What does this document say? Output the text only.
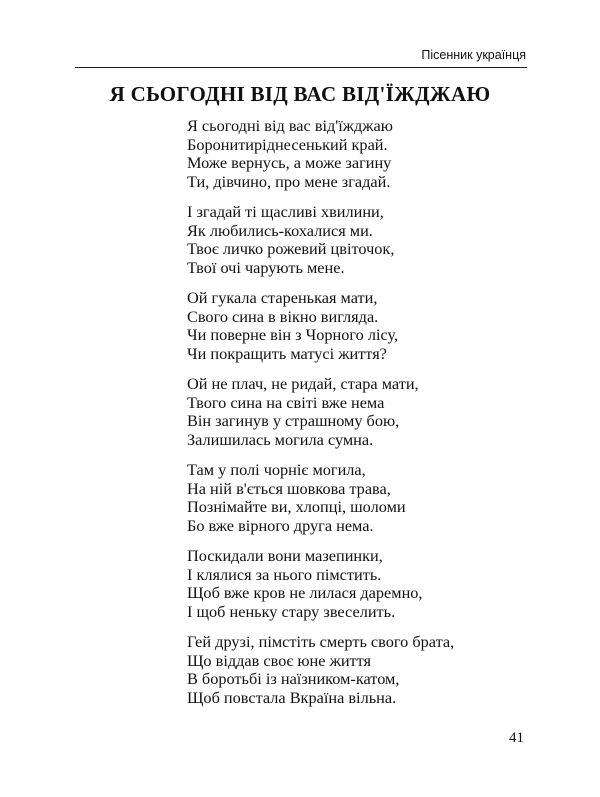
Пісенник українця
Я СЬОГОДНІ ВІД ВАС ВІД'ЇЖДЖАЮ
Я сьогодні від вас від'їжджаю
Боронитиріднесенький край.
Може вернусь, а може загину
Ти, дівчино, про мене згадай.
І згадай ті щасливі хвилини,
Як любились-кохалися ми.
Твоє личко рожевий цвіточок,
Твої очі чарують мене.
Ой гукала старенькая мати,
Свого сина в вікно вигляда.
Чи поверне він з Чорного лісу,
Чи покращить матусі життя?
Ой не плач, не ридай, стара мати,
Твого сина на світі вже нема
Він загинув у страшному бою,
Залишилась могила сумна.
Там у полі чорніє могила,
На ній в'ється шовкова трава,
Познімайте ви, хлопці, шоломи
Бо вже вірного друга нема.
Поскидали вони мазепинки,
І клялися за нього пімстить.
Щоб вже кров не лилася даремно,
І щоб неньку стару звеселить.
Гей друзі, пімстіть смерть свого брата,
Що віддав своє юне життя
В боротьбі із наїзником-катом,
Щоб повстала Вкраїна вільна.
41
